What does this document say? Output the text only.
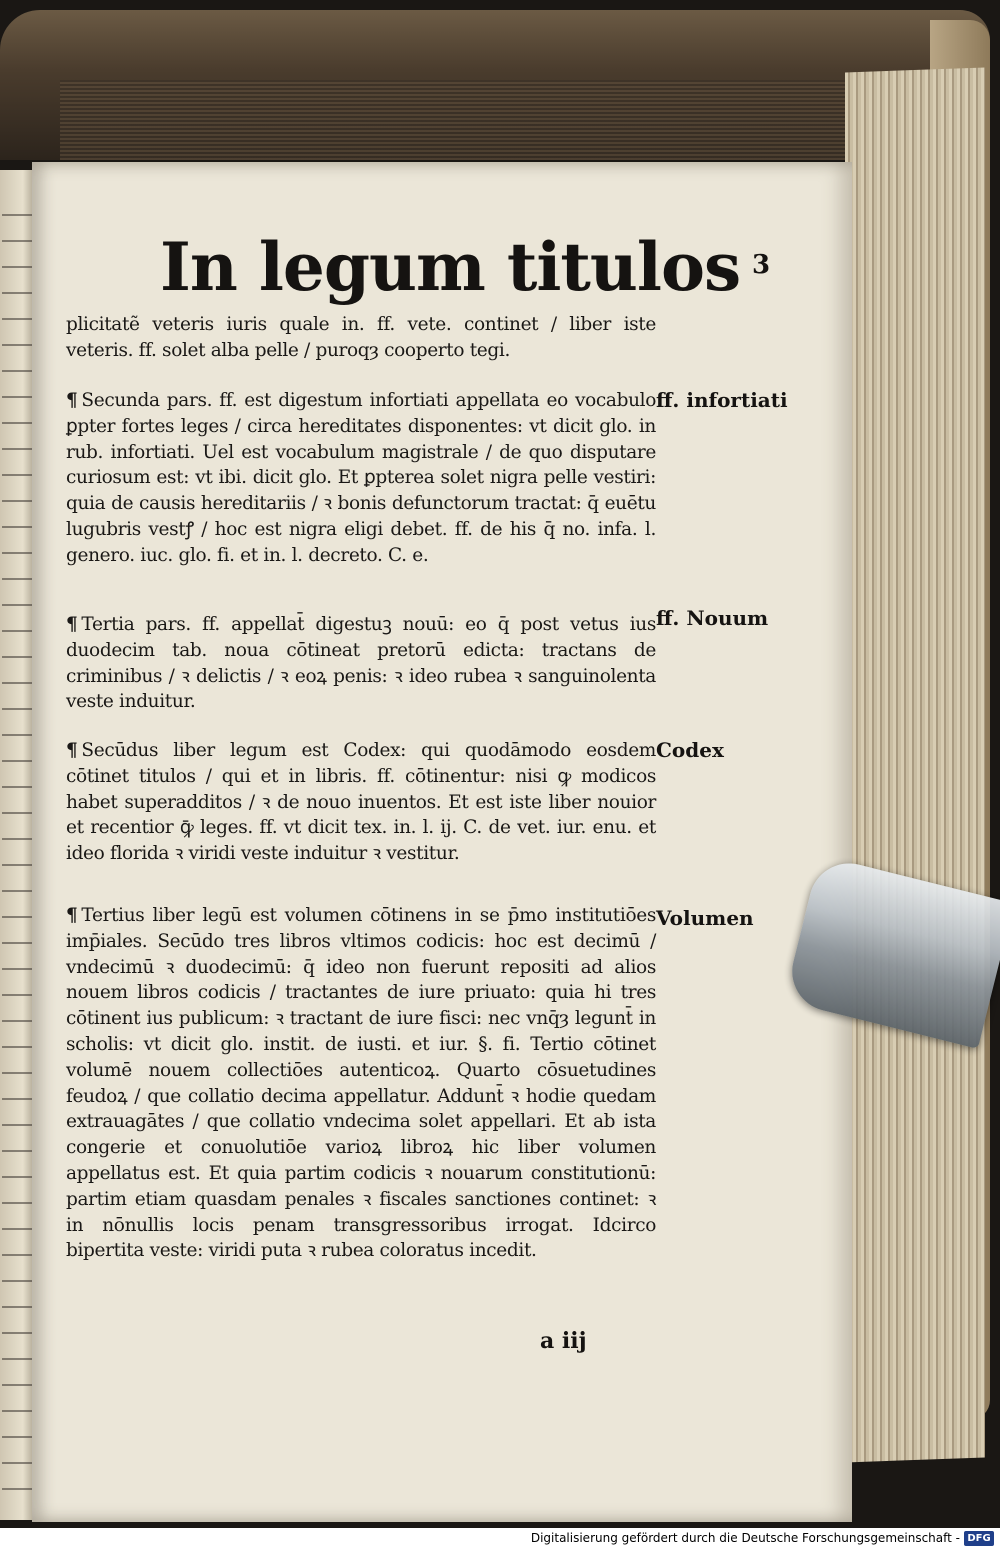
In legum titulos 3
plicitatẽ veteris iuris quale in. ff. vete. continet / liber iste veteris. ff. solet alba pelle / puroqȝ cooperto tegi.
¶ Secunda pars. ff. est digestum infortiati appellata eo vocabulo ꝑpter fortes leges / circa hereditates disponentes: vt dicit glo. in rub. infortiati. Uel est vocabulum magistrale / de quo disputare curiosum est: vt ibi. dicit glo. Et ꝑpterea solet nigra pelle vestiri: quia de causis hereditariis / ꝛ bonis defunctorum tractat: q̄ euētu lugubris vestꝭ / hoc est nigra eligi debet. ff. de his q̄ no. infa. l. genero. iuc. glo. fi. et in. l. decreto. C. e.
ff. infortiati
¶ Tertia pars. ff. appellat̄ digestuꝫ nouū: eo q̄ post vetus ius duodecim tab. noua cōtineat pretorū edicta: tractans de criminibus / ꝛ delictis / ꝛ eoꝝ penis: ꝛ ideo rubea ꝛ sanguinolenta veste induitur.
ff. Nouum
¶ Secūdus liber legum est Codex: qui quodāmodo eosdem cōtinet titulos / qui et in libris. ff. cōtinentur: nisi ꝙ modicos habet superadditos / ꝛ de nouo inuentos. Et est iste liber nouior et recentior ꝙ̄ leges. ff. vt dicit tex. in. l. ij. C. de vet. iur. enu. et ideo florida ꝛ viridi veste induitur ꝛ vestitur.
Codex
¶ Tertius liber legū est volumen cōtinens in se p̄mo institutiōes imp̄iales. Secūdo tres libros vltimos codicis: hoc est decimū / vndecimū ꝛ duodecimū: q̄ ideo non fuerunt repositi ad alios nouem libros codicis / tractantes de iure priuato: quia hi tres cōtinent ius publicum: ꝛ tractant de iure fisci: nec vnq̄ȝ legunt̄ in scholis: vt dicit glo. instit. de iusti. et iur. §. fi. Tertio cōtinet volumē nouem collectiōes autenticoꝝ. Quarto cōsuetudines feudoꝝ / que collatio decima appellatur. Addunt̄ ꝛ hodie quedam extrauagātes / que collatio vndecima solet appellari. Et ab ista congerie et conuolutiōe varioꝝ libroꝝ hic liber volumen appellatus est. Et quia partim codicis ꝛ nouarum constitutionū: partim etiam quasdam penales ꝛ fiscales sanctiones continet: ꝛ in nōnullis locis penam transgressoribus irrogat. Idcirco bipertita veste: viridi puta ꝛ rubea coloratus incedit.
Volumen
a iij
Digitalisierung gefördert durch die Deutsche Forschungsgemeinschaft - DFG
